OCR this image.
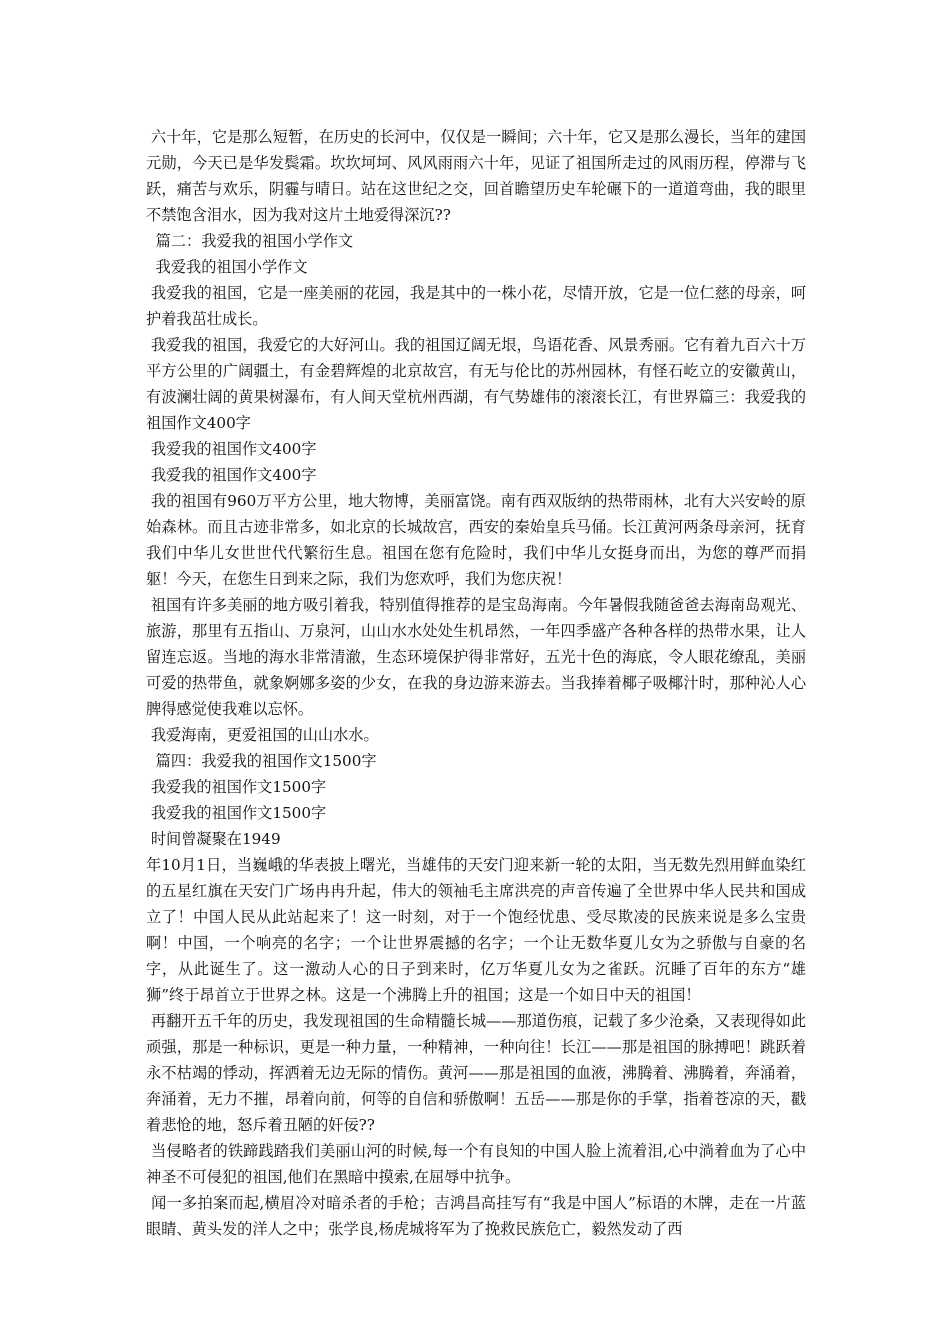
六十年，它是那么短暂，在历史的长河中，仅仅是一瞬间；六十年，它又是那么漫长，当年的建国元勋，今天已是华发鬓霜。坎坎坷坷、风风雨雨六十年，见证了祖国所走过的风雨历程，停滞与飞跃，痛苦与欢乐，阴霾与晴日。站在这世纪之交，回首瞻望历史车轮碾下的一道道弯曲，我的眼里不禁饱含泪水，因为我对这片土地爱得深沉??

篇二：我爱我的祖国小学作文

我爱我的祖国小学作文

我爱我的祖国，它是一座美丽的花园，我是其中的一株小花，尽情开放，它是一位仁慈的母亲，呵护着我茁壮成长。

我爱我的祖国，我爱它的大好河山。我的祖国辽阔无垠，鸟语花香、风景秀丽。它有着九百六十万平方公里的广阔疆土，有金碧辉煌的北京故宫，有无与伦比的苏州园林，有怪石屹立的安徽黄山，有波澜壮阔的黄果树瀑布，有人间天堂杭州西湖，有气势雄伟的滚滚长江，有世界篇三：我爱我的祖国作文400字

我爱我的祖国作文400字

我爱我的祖国作文400字

我的祖国有960万平方公里，地大物博，美丽富饶。南有西双版纳的热带雨林，北有大兴安岭的原始森林。而且古迹非常多，如北京的长城故宫，西安的秦始皇兵马俑。长江黄河两条母亲河，抚育我们中华儿女世世代代繁衍生息。祖国在您有危险时，我们中华儿女挺身而出，为您的尊严而捐躯！今天，在您生日到来之际，我们为您欢呼，我们为您庆祝！

祖国有许多美丽的地方吸引着我，特别值得推荐的是宝岛海南。今年暑假我随爸爸去海南岛观光、旅游，那里有五指山、万泉河，山山水水处处生机昂然，一年四季盛产各种各样的热带水果，让人留连忘返。当地的海水非常清澈，生态环境保护得非常好，五光十色的海底，令人眼花缭乱，美丽可爱的热带鱼，就象婀娜多姿的少女，在我的身边游来游去。当我捧着椰子吸椰汁时，那种沁人心脾得感觉使我难以忘怀。

我爱海南，更爱祖国的山山水水。

篇四：我爱我的祖国作文1500字

我爱我的祖国作文1500字

我爱我的祖国作文1500字

时间曾凝聚在1949

年10月1日，当巍峨的华表披上曙光，当雄伟的天安门迎来新一轮的太阳，当无数先烈用鲜血染红的五星红旗在天安门广场冉冉升起，伟大的领袖毛主席洪亮的声音传遍了全世界中华人民共和国成立了！中国人民从此站起来了！这一时刻，对于一个饱经忧患、受尽欺凌的民族来说是多么宝贵啊！中国，一个响亮的名字；一个让世界震撼的名字；一个让无数华夏儿女为之骄傲与自豪的名字，从此诞生了。这一激动人心的日子到来时，亿万华夏儿女为之雀跃。沉睡了百年的东方“雄狮”终于昂首立于世界之林。这是一个沸腾上升的祖国；这是一个如日中天的祖国！

再翻开五千年的历史，我发现祖国的生命精髓长城——那道伤痕，记载了多少沧桑，又表现得如此顽强，那是一种标识，更是一种力量，一种精神，一种向往！长江——那是祖国的脉搏吧！跳跃着永不枯竭的悸动，挥洒着无边无际的情伤。黄河——那是祖国的血液，沸腾着、沸腾着，奔涌着，奔涌着，无力不摧，昂着向前，何等的自信和骄傲啊！五岳——那是你的手掌，指着苍凉的天，戳着悲怆的地，怒斥着丑陋的奸佞??

当侵略者的铁蹄践踏我们美丽山河的时候,每一个有良知的中国人脸上流着泪,心中淌着血为了心中神圣不可侵犯的祖国,他们在黑暗中摸索,在屈辱中抗争。

闻一多拍案而起,横眉冷对暗杀者的手枪；吉鸿昌高挂写有“我是中国人”标语的木牌，走在一片蓝眼睛、黄头发的洋人之中；张学良,杨虎城将军为了挽救民族危亡，毅然发动了西
